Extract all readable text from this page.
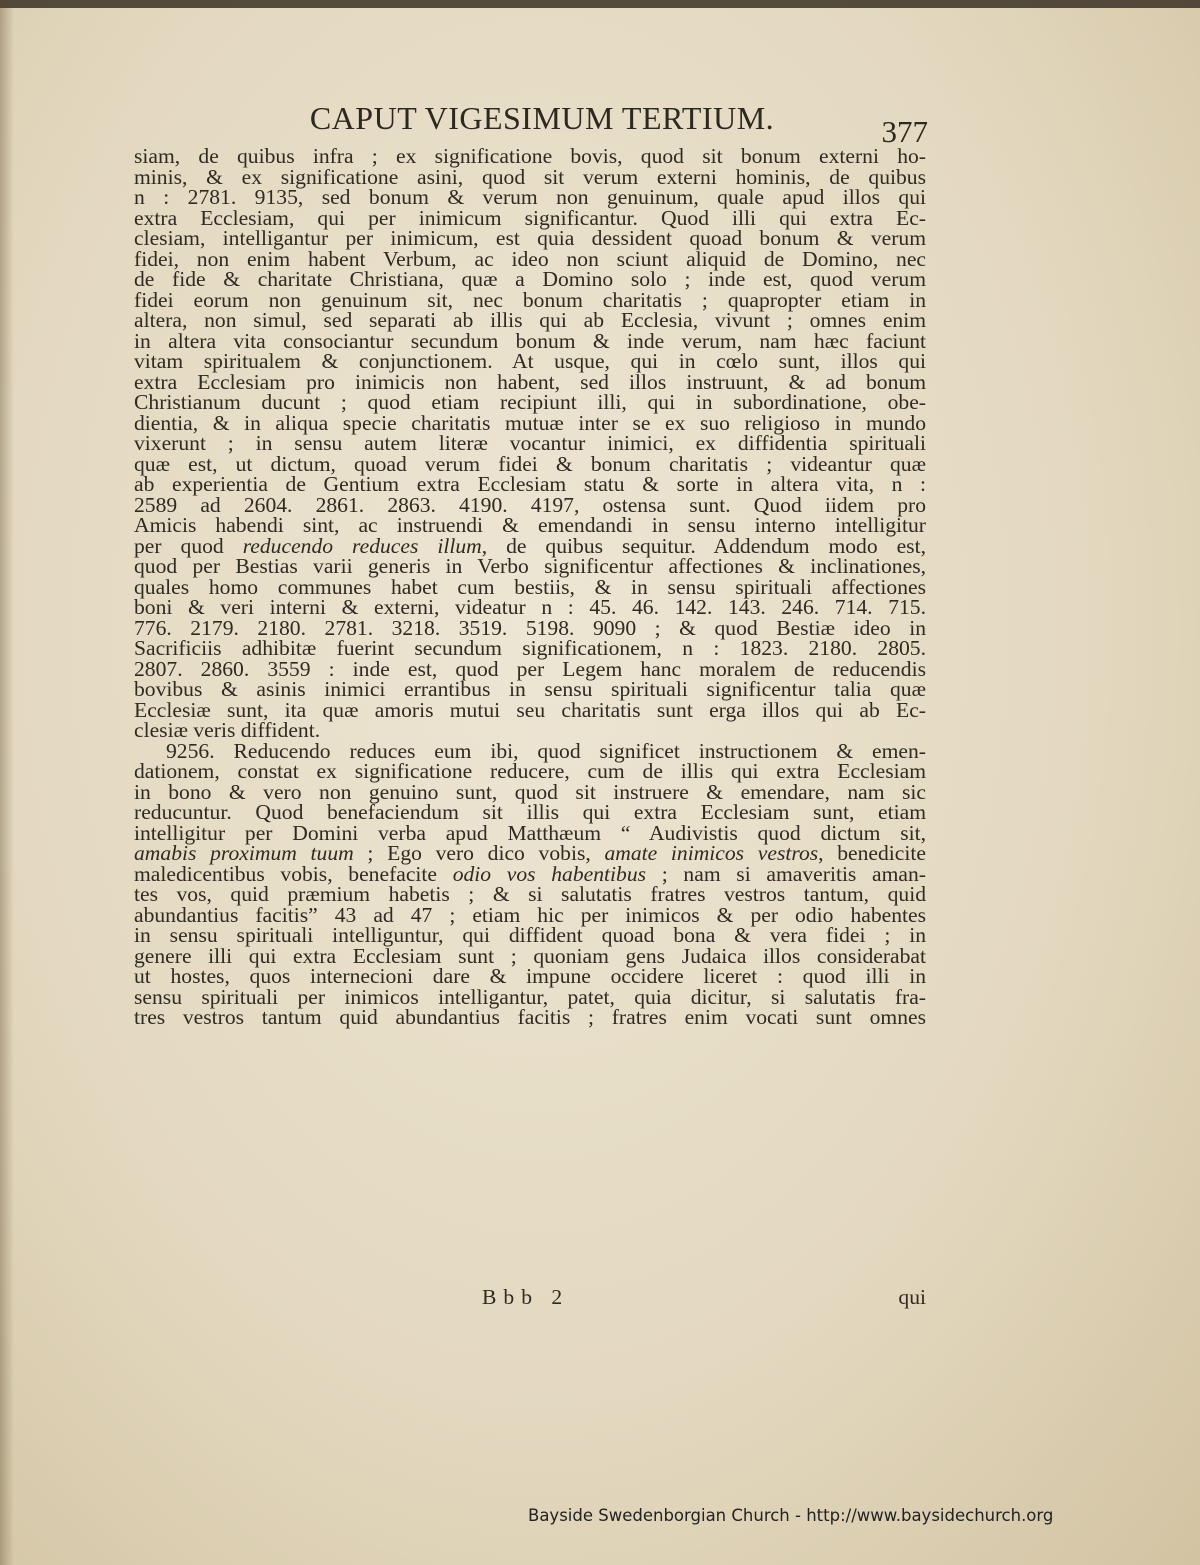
CAPUT VIGESIMUM TERTIUM.	377
siam, de quibus infra ; ex significatione bovis, quod sit bonum externi ho-
minis, & ex significatione asini, quod sit verum externi hominis, de quibus
n : 2781. 9135, sed bonum & verum non genuinum, quale apud illos qui
extra Ecclesiam, qui per inimicum significantur. Quod illi qui extra Ec-
clesiam, intelligantur per inimicum, est quia dessident quoad bonum & verum
fidei, non enim habent Verbum, ac ideo non sciunt aliquid de Domino, nec
de fide & charitate Christiana, quæ a Domino solo ; inde est, quod verum
fidei eorum non genuinum sit, nec bonum charitatis ; quapropter etiam in
altera, non simul, sed separati ab illis qui ab Ecclesia, vivunt ; omnes enim
in altera vita consociantur secundum bonum & inde verum, nam hæc faciunt
vitam spiritualem & conjunctionem. At usque, qui in cœlo sunt, illos qui
extra Ecclesiam pro inimicis non habent, sed illos instruunt, & ad bonum
Christianum ducunt ; quod etiam recipiunt illi, qui in subordinatione, obe-
dientia, & in aliqua specie charitatis mutuæ inter se ex suo religioso in mundo
vixerunt ; in sensu autem literæ vocantur inimici, ex diffidentia spirituali
quæ est, ut dictum, quoad verum fidei & bonum charitatis ; videantur quæ
ab experientia de Gentium extra Ecclesiam statu & sorte in altera vita, n :
2589 ad 2604. 2861. 2863. 4190. 4197, ostensa sunt. Quod iidem pro
Amicis habendi sint, ac instruendi & emendandi in sensu interno intelligitur
per quod reducendo reduces illum, de quibus sequitur. Addendum modo est,
quod per Bestias varii generis in Verbo significentur affectiones & inclinationes,
quales homo communes habet cum bestiis, & in sensu spirituali affectiones
boni & veri interni & externi, videatur n : 45. 46. 142. 143. 246. 714. 715.
776. 2179. 2180. 2781. 3218. 3519. 5198. 9090 ; & quod Bestiæ ideo in
Sacrificiis adhibitæ fuerint secundum significationem, n : 1823. 2180. 2805.
2807. 2860. 3559 : inde est, quod per Legem hanc moralem de reducendis
bovibus & asinis inimici errantibus in sensu spirituali significentur talia quæ
Ecclesiæ sunt, ita quæ amoris mutui seu charitatis sunt erga illos qui ab Ec-
clesiæ veris diffident.
9256. Reducendo reduces eum ibi, quod significet instructionem & emen-
dationem, constat ex significatione reducere, cum de illis qui extra Ecclesiam
in bono & vero non genuino sunt, quod sit instruere & emendare, nam sic
reducuntur. Quod benefaciendum sit illis qui extra Ecclesiam sunt, etiam
intelligitur per Domini verba apud Matthæum “ Audivistis quod dictum sit,
amabis proximum tuum ; Ego vero dico vobis, amate inimicos vestros, benedicite
maledicentibus vobis, benefacite odio vos habentibus ; nam si amaveritis aman-
tes vos, quid præmium habetis ; & si salutatis fratres vestros tantum, quid
abundantius facitis” 43 ad 47 ; etiam hic per inimicos & per odio habentes
in sensu spirituali intelliguntur, qui diffident quoad bona & vera fidei ; in
genere illi qui extra Ecclesiam sunt ; quoniam gens Judaica illos considerabat
ut hostes, quos internecioni dare & impune occidere liceret : quod illi in
sensu spirituali per inimicos intelligantur, patet, quia dicitur, si salutatis fra-
tres vestros tantum quid abundantius facitis ; fratres enim vocati sunt omnes
Bbb 2	qui
Bayside Swedenborgian Church - http://www.baysidechurch.org
